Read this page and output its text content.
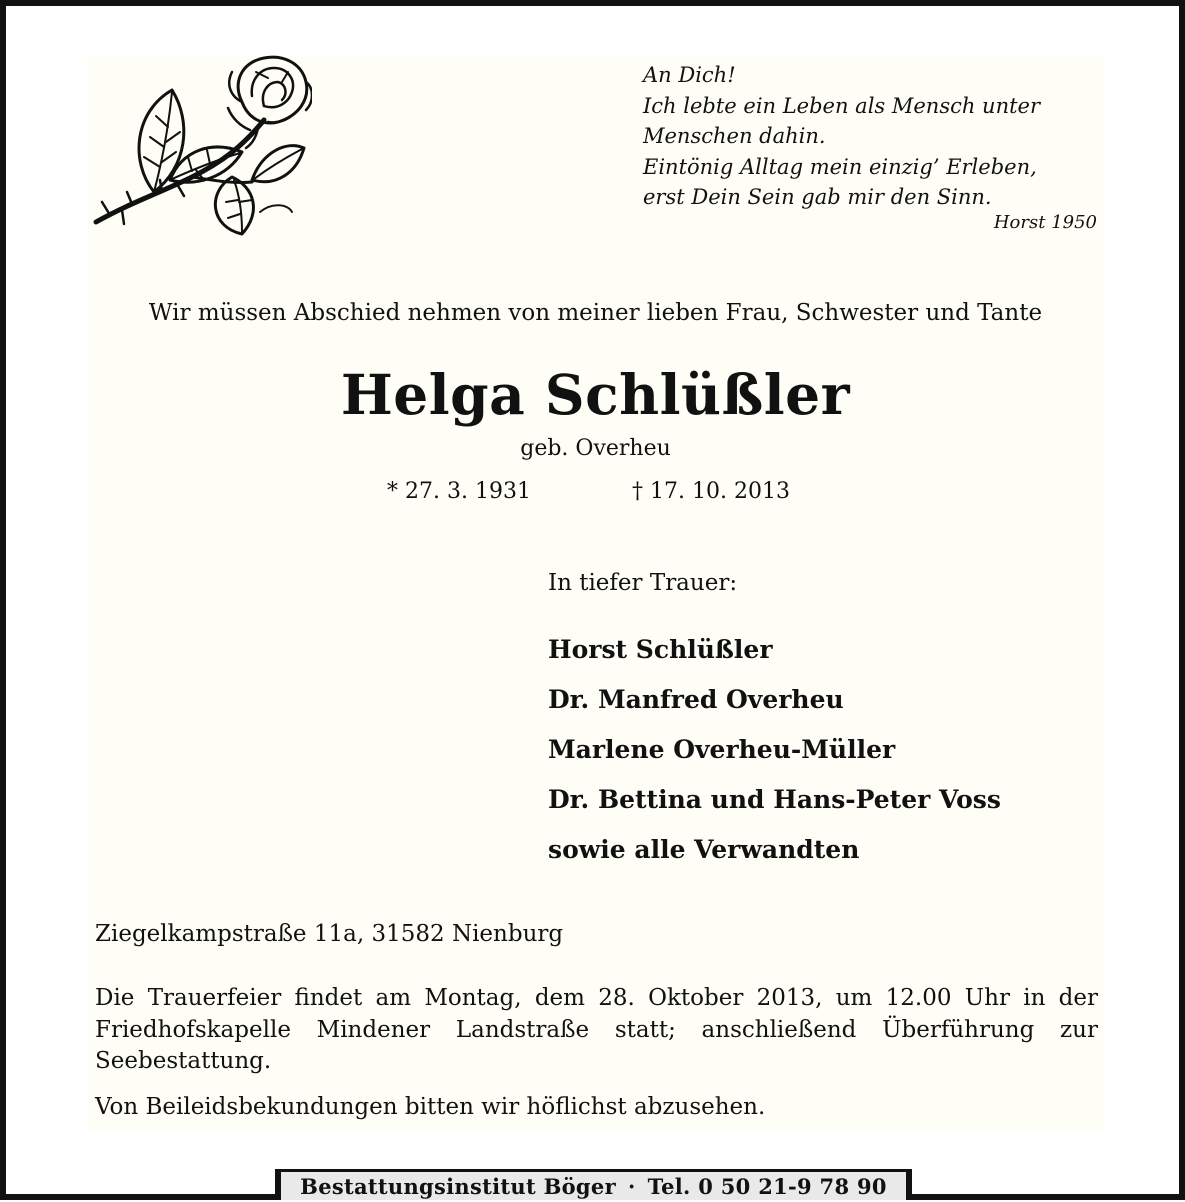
An Dich!
Ich lebte ein Leben als Mensch unter
Menschen dahin.
Eintönig Alltag mein einzig’ Erleben,
erst Dein Sein gab mir den Sinn.
Horst 1950
Wir müssen Abschied nehmen von meiner lieben Frau, Schwester und Tante
Helga Schlüßler
geb. Overheu
* 27. 3. 1931	† 17. 10. 2013
In tiefer Trauer:
Horst Schlüßler
Dr. Manfred Overheu
Marlene Overheu-Müller
Dr. Bettina und Hans-Peter Voss
sowie alle Verwandten
Ziegelkampstraße 11a, 31582 Nienburg
Die Trauerfeier findet am Montag, dem 28. Oktober 2013, um 12.00 Uhr in der Friedhofskapelle Mindener Landstraße statt; anschließend Überführung zur Seebestattung.
Von Beileidsbekundungen bitten wir höflichst abzusehen.
Bestattungsinstitut Böger · Tel. 0 50 21-9 78 90
